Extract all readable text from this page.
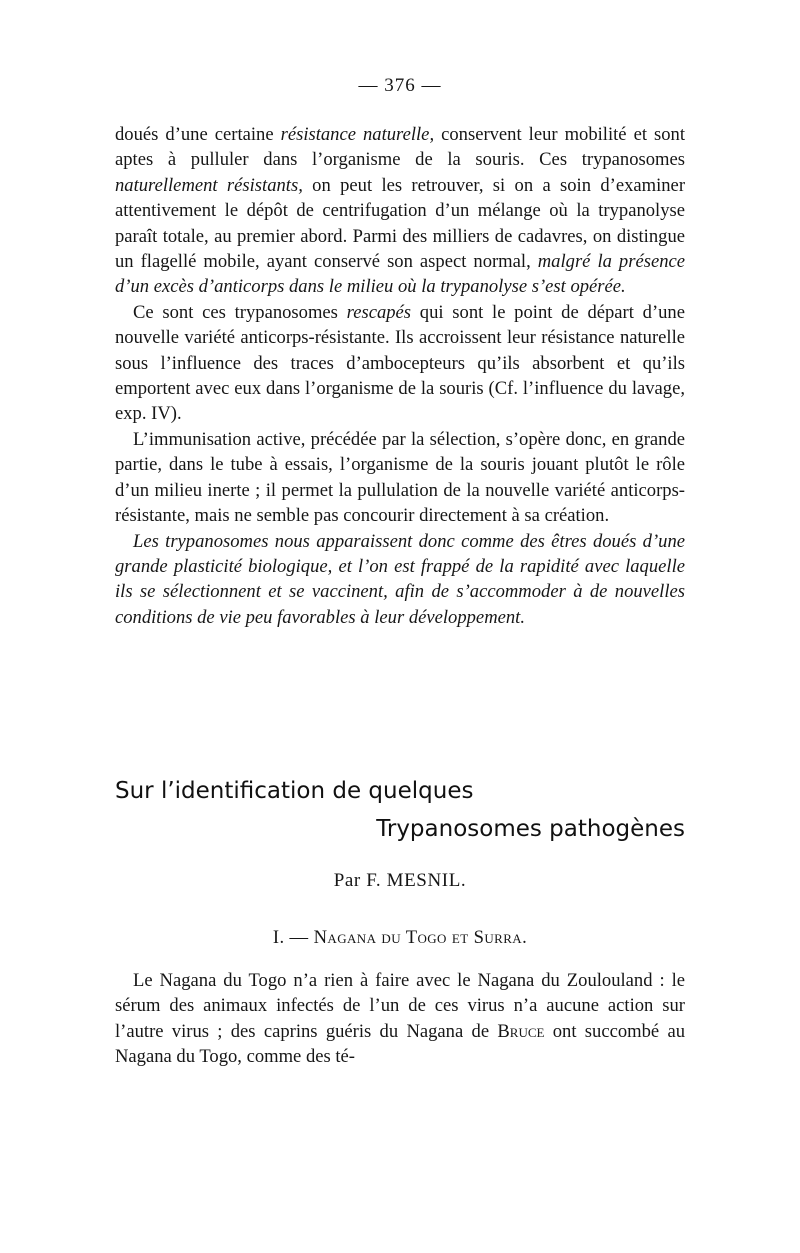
— 376 —

doués d’une certaine résistance naturelle, conservent leur mobilité et sont aptes à pulluler dans l’organisme de la souris. Ces trypanosomes naturellement résistants, on peut les retrouver, si on a soin d’examiner attentivement le dépôt de centrifugation d’un mélange où la trypanolyse paraît totale, au premier abord. Parmi des milliers de cadavres, on distingue un flagellé mobile, ayant conservé son aspect normal, malgré la présence d’un excès d’anticorps dans le milieu où la trypanolyse s’est opérée.

Ce sont ces trypanosomes rescapés qui sont le point de départ d’une nouvelle variété anticorps-résistante. Ils accroissent leur résistance naturelle sous l’influence des traces d’ambocepteurs qu’ils absorbent et qu’ils emportent avec eux dans l’organisme de la souris (Cf. l’influence du lavage, exp. IV).

L’immunisation active, précédée par la sélection, s’opère donc, en grande partie, dans le tube à essais, l’organisme de la souris jouant plutôt le rôle d’un milieu inerte ; il permet la pullulation de la nouvelle variété anticorps-résistante, mais ne semble pas concourir directement à sa création.

Les trypanosomes nous apparaissent donc comme des êtres doués d’une grande plasticité biologique, et l’on est frappé de la rapidité avec laquelle ils se sélectionnent et se vaccinent, afin de s’accommoder à de nouvelles conditions de vie peu favorables à leur développement.

Sur l’identification de quelques
Trypanosomes pathogènes
Par F. MESNIL.
I. — Nagana du Togo et Surra.

Le Nagana du Togo n’a rien à faire avec le Nagana du Zoulouland : le sérum des animaux infectés de l’un de ces virus n’a aucune action sur l’autre virus ; des caprins guéris du Nagana de Bruce ont succombé au Nagana du Togo, comme des té-
